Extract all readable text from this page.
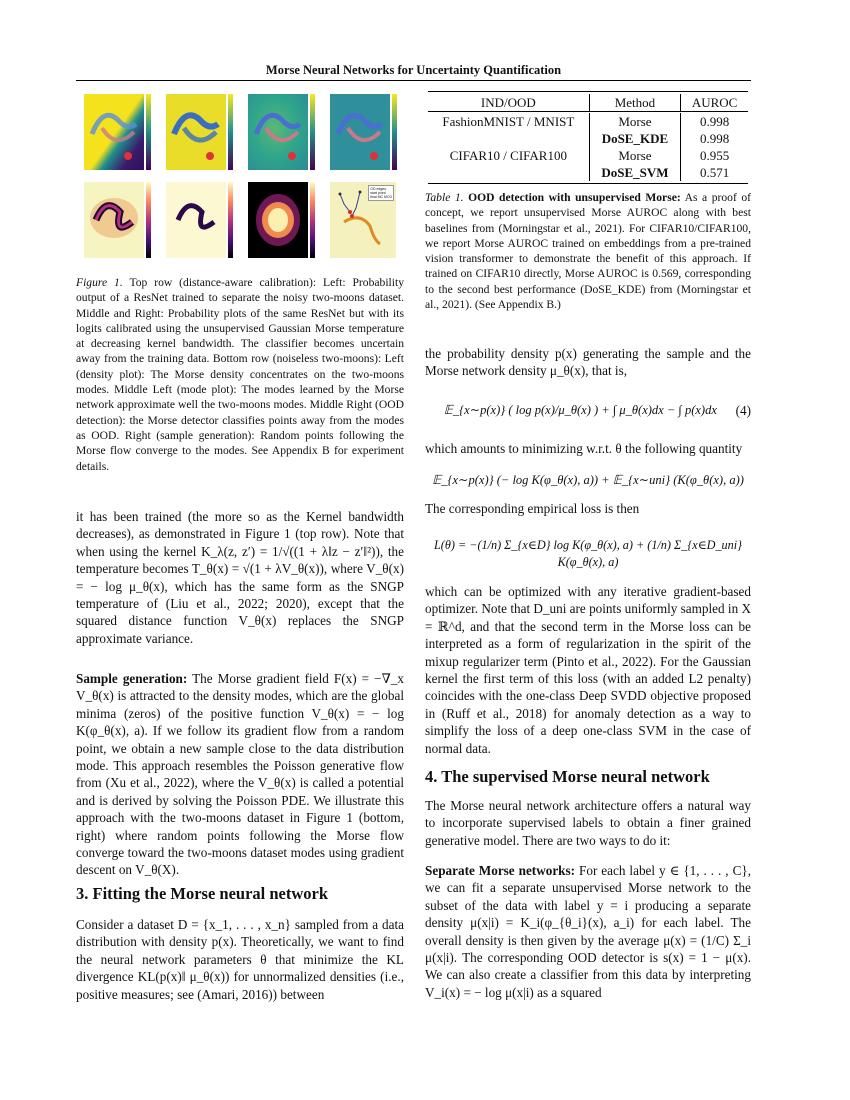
Morse Neural Networks for Uncertainty Quantification
OD edges
start point
final MC MCD

Figure 1. Top row (distance-aware calibration): Left: Probability output of a ResNet trained to separate the noisy two-moons dataset. Middle and Right: Probability plots of the same ResNet but with its logits calibrated using the unsupervised Gaussian Morse temperature at decreasing kernel bandwidth. The classifier becomes uncertain away from the training data. Bottom row (noiseless two-moons): Left (density plot): The Morse density concentrates on the two-moons modes. Middle Left (mode plot): The modes learned by the Morse network approximate well the two-moons modes. Middle Right (OOD detection): the Morse detector classifies points away from the modes as OOD. Right (sample generation): Random points following the Morse flow converge to the modes. See Appendix B for experiment details.

it has been trained (the more so as the Kernel bandwidth decreases), as demonstrated in Figure 1 (top row). Note that when using the kernel K_λ(z, z′) = 1/√((1 + λ‖z − z′‖²)), the temperature becomes T_θ(x) = √(1 + λV_θ(x)), where V_θ(x) = − log μ_θ(x), which has the same form as the SNGP temperature of (Liu et al., 2022; 2020), except that the squared distance function V_θ(x) replaces the SNGP approximate variance.

Sample generation: The Morse gradient field F(x) = −∇_x V_θ(x) is attracted to the density modes, which are the global minima (zeros) of the positive function V_θ(x) = − log K(φ_θ(x), a). If we follow its gradient flow from a random point, we obtain a new sample close to the data distribution mode. This approach resembles the Poisson generative flow from (Xu et al., 2022), where the V_θ(x) is called a potential and is derived by solving the Poisson PDE. We illustrate this approach with the two-moons dataset in Figure 1 (bottom, right) where random points following the Morse flow converge toward the two-moons dataset modes using gradient descent on V_θ(X).

3. Fitting the Morse neural network

Consider a dataset D = {x_1, . . . , x_n} sampled from a data distribution with density p(x). Theoretically, we want to find the neural network parameters θ that minimize the KL divergence KL(p(x)‖ μ_θ(x)) for unnormalized densities (i.e., positive measures; see (Amari, 2016)) between

IND/OOD	Method	AUROC

FashionMNIST / MNIST	Morse	0.998
	DoSE_KDE	0.998
CIFAR10 / CIFAR100	Morse	0.955
	DoSE_SVM	0.571

Table 1. OOD detection with unsupervised Morse: As a proof of concept, we report unsupervised Morse AUROC along with best baselines from (Morningstar et al., 2021). For CIFAR10/CIFAR100, we report Morse AUROC trained on embeddings from a pre-trained vision transformer to demonstrate the benefit of this approach. If trained on CIFAR10 directly, Morse AUROC is 0.569, corresponding to the second best performance (DoSE_KDE) from (Morningstar et al., 2021). (See Appendix B.)

the probability density p(x) generating the sample and the Morse network density μ_θ(x), that is,

𝔼_{x∼p(x)} ( log p(x)/μ_θ(x) ) + ∫ μ_θ(x)dx − ∫ p(x)dx	(4)

which amounts to minimizing w.r.t. θ the following quantity

𝔼_{x∼p(x)} (− log K(φ_θ(x), a)) + 𝔼_{x∼uni} (K(φ_θ(x), a))

The corresponding empirical loss is then

L(θ) = −(1/n) Σ_{x∈D} log K(φ_θ(x), a) + (1/n) Σ_{x∈D_uni} K(φ_θ(x), a)

which can be optimized with any iterative gradient-based optimizer. Note that D_uni are points uniformly sampled in X = ℝ^d, and that the second term in the Morse loss can be interpreted as a form of regularization in the spirit of the mixup regularizer term (Pinto et al., 2022). For the Gaussian kernel the first term of this loss (with an added L2 penalty) coincides with the one-class Deep SVDD objective proposed in (Ruff et al., 2018) for anomaly detection as a way to simplify the loss of a deep one-class SVM in the case of normal data.

4. The supervised Morse neural network

The Morse neural network architecture offers a natural way to incorporate supervised labels to obtain a finer grained generative model. There are two ways to do it:

Separate Morse networks: For each label y ∈ {1, . . . , C}, we can fit a separate unsupervised Morse network to the subset of the data with label y = i producing a separate density μ(x|i) = K_i(φ_{θ_i}(x), a_i) for each label. The overall density is then given by the average μ(x) = (1/C) Σ_i μ(x|i). The corresponding OOD detector is s(x) = 1 − μ(x). We can also create a classifier from this data by interpreting V_i(x) = − log μ(x|i) as a squared
